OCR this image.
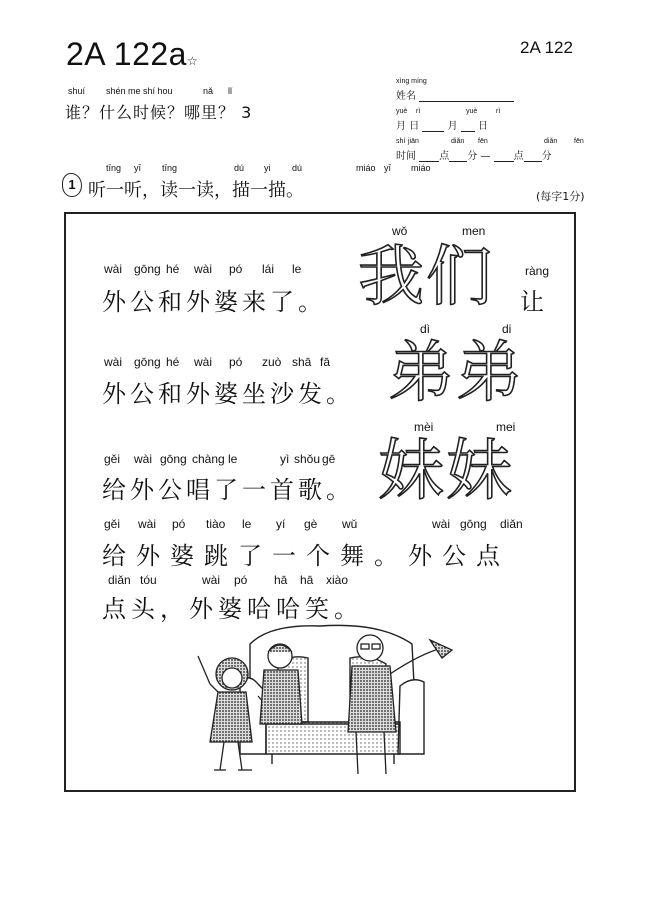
2A 122a☆
2A 122
shuí shén me shí hou	nǎ lǐ
谁？什么时候？哪里？ 3
xìng míng
姓名
yuè rì	yuè	rì
月 日	月 日
shí jiān	diǎn fēn	diǎn fēn
时间 点 分 — 点 分
1
tīng yī tīng	dú yi dú	miáo yī miáo
听一听，读一读，描一描。	(每字1分)
wài gōng hé wài pó lái le
外公和外婆来了。
ràng
让
wài gōng hé wài pó zuò shā fā
外公和外婆坐沙发。
gěi wài gōng chàng le	yì shǒu gē
给外公唱了一首歌。
gěi wài pó tiào le yí gè wǔ	wài gōng diǎn
给外婆跳了一个舞。外公点
diǎn tóu	wài pó hā hā xiào
点头，外婆哈哈笑。
wǒ	men
我们
dì	di
弟弟
mèi	mei
妹妹
